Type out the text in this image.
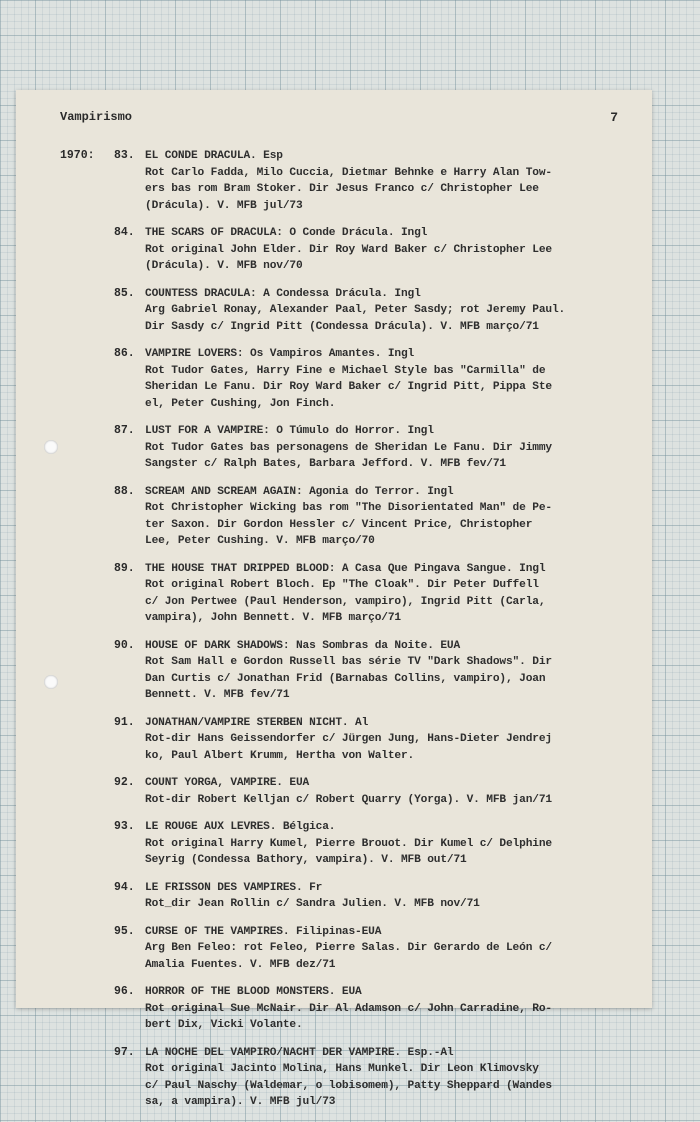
Vampirismo	7
1970: 83. EL CONDE DRACULA. Esp
Rot Carlo Fadda, Milo Cuccia, Dietmar Behnke e Harry Alan Tow-
ers bas rom Bram Stoker. Dir Jesus Franco c/ Christopher Lee
(Drácula). V. MFB jul/73
84. THE SCARS OF DRACULA: O Conde Drácula. Ingl
Rot original John Elder. Dir Roy Ward Baker c/ Christopher Lee
(Drácula). V. MFB nov/70
85. COUNTESS DRACULA: A Condessa Drácula. Ingl
Arg Gabriel Ronay, Alexander Paal, Peter Sasdy; rot Jeremy Paul.
Dir Sasdy c/ Ingrid Pitt (Condessa Drácula). V. MFB março/71
86. VAMPIRE LOVERS: Os Vampiros Amantes. Ingl
Rot Tudor Gates, Harry Fine e Michael Style bas "Carmilla" de
Sheridan Le Fanu. Dir Roy Ward Baker c/ Ingrid Pitt, Pippa Ste
el, Peter Cushing, Jon Finch.
87. LUST FOR A VAMPIRE: O Túmulo do Horror. Ingl
Rot Tudor Gates bas personagens de Sheridan Le Fanu. Dir Jimmy
Sangster c/ Ralph Bates, Barbara Jefford. V. MFB fev/71
88. SCREAM AND SCREAM AGAIN: Agonia do Terror. Ingl
Rot Christopher Wicking bas rom "The Disorientated Man" de Pe-
ter Saxon. Dir Gordon Hessler c/ Vincent Price, Christopher
Lee, Peter Cushing. V. MFB março/70
89. THE HOUSE THAT DRIPPED BLOOD: A Casa Que Pingava Sangue. Ingl
Rot original Robert Bloch. Ep "The Cloak". Dir Peter Duffell
c/ Jon Pertwee (Paul Henderson, vampiro), Ingrid Pitt (Carla,
vampira), John Bennett. V. MFB março/71
90. HOUSE OF DARK SHADOWS: Nas Sombras da Noite. EUA
Rot Sam Hall e Gordon Russell bas série TV "Dark Shadows". Dir
Dan Curtis c/ Jonathan Frid (Barnabas Collins, vampiro), Joan
Bennett. V. MFB fev/71
91. JONATHAN/VAMPIRE STERBEN NICHT. Al
Rot-dir Hans Geissendorfer c/ Jürgen Jung, Hans-Dieter Jendrej
ko, Paul Albert Krumm, Hertha von Walter.
92. COUNT YORGA, VAMPIRE. EUA
Rot-dir Robert Kelljan c/ Robert Quarry (Yorga). V. MFB jan/71
93. LE ROUGE AUX LEVRES. Bélgica.
Rot original Harry Kumel, Pierre Brouot. Dir Kumel c/ Delphine
Seyrig (Condessa Bathory, vampira). V. MFB out/71
94. LE FRISSON DES VAMPIRES. Fr
Rot_dir Jean Rollin c/ Sandra Julien. V. MFB nov/71
95. CURSE OF THE VAMPIRES. Filipinas-EUA
Arg Ben Feleo: rot Feleo, Pierre Salas. Dir Gerardo de León c/
Amalia Fuentes. V. MFB dez/71
96. HORROR OF THE BLOOD MONSTERS. EUA
Rot original Sue McNair. Dir Al Adamson c/ John Carradine, Ro-
bert Dix, Vicki Volante.
97. LA NOCHE DEL VAMPIRO/NACHT DER VAMPIRE. Esp.-Al
Rot original Jacinto Molina, Hans Munkel. Dir Leon Klimovsky
c/ Paul Naschy (Waldemar, o lobisomem), Patty Sheppard (Wandes
sa, a vampira). V. MFB jul/73
